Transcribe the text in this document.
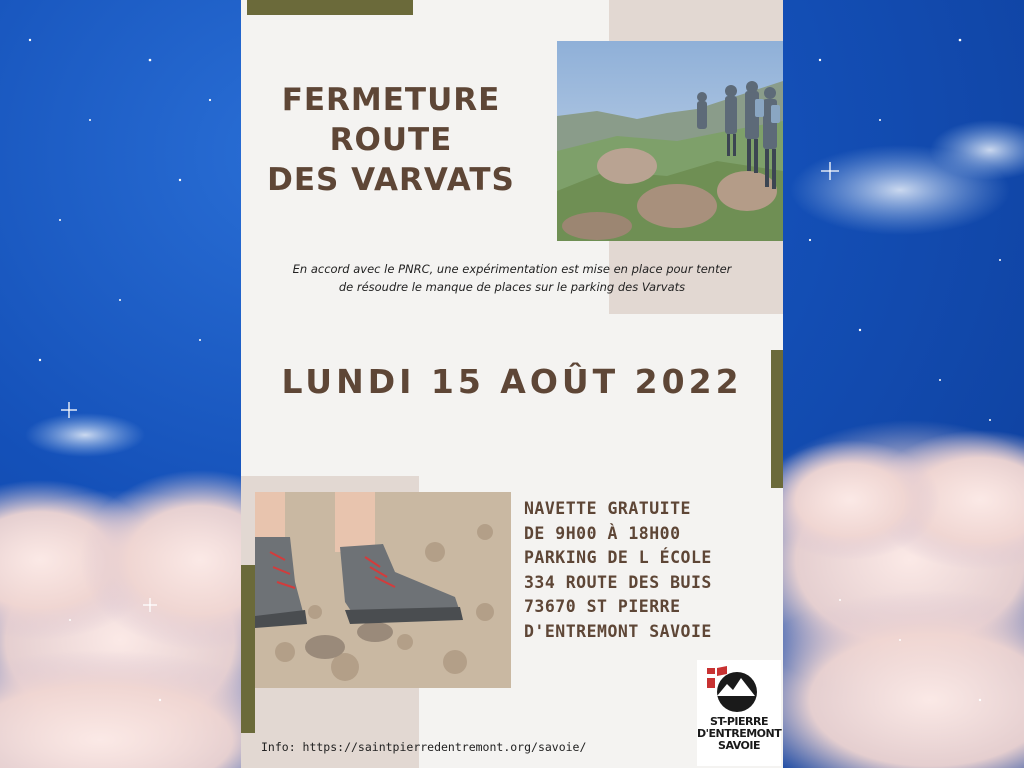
FERMETURE
ROUTE
DES VARVATS
En accord avec le PNRC, une expérimentation est mise en place pour tenter
de résoudre le manque de places sur le parking des Varvats
LUNDI 15 AOÛT 2022
NAVETTE GRATUITE
DE 9H00 À 18H00
PARKING DE L ÉCOLE
334 ROUTE DES BUIS
73670 ST PIERRE
D'ENTREMONT SAVOIE
ST-PIERRE
D'ENTREMONT
SAVOIE
Info: https://saintpierredentremont.org/savoie/
